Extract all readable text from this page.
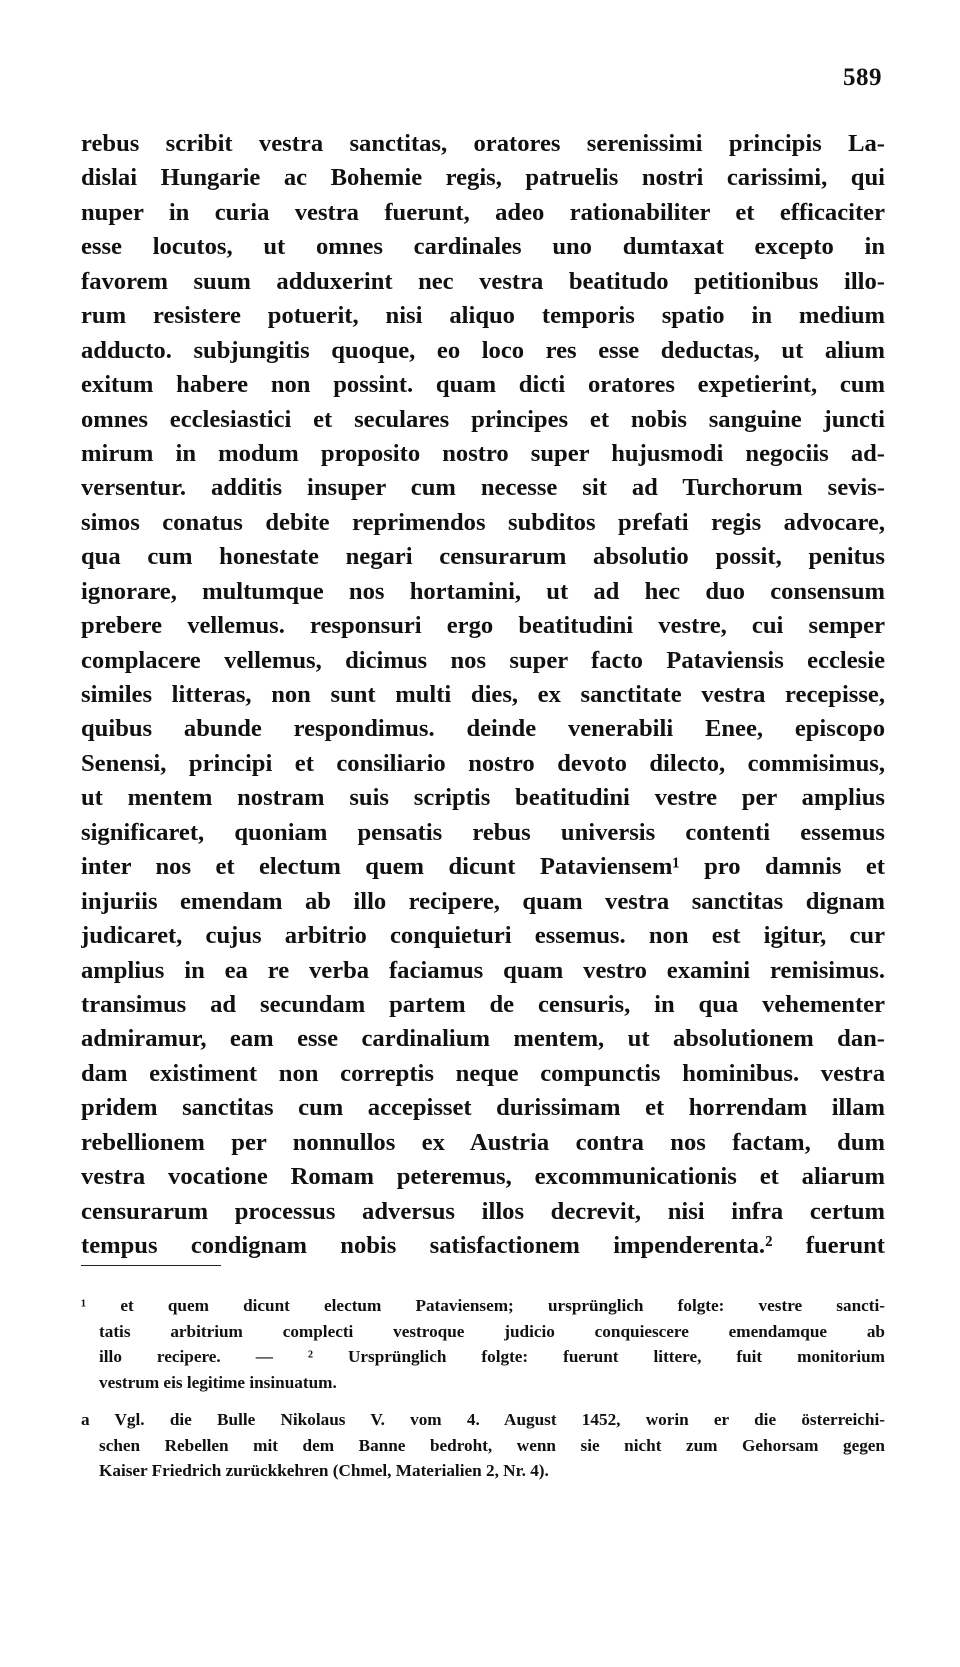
589
rebus scribit vestra sanctitas, oratores serenissimi principis La-
dislai Hungarie ac Bohemie regis, patruelis nostri carissimi, qui
nuper in curia vestra fuerunt, adeo rationabiliter et efficaciter
esse locutos, ut omnes cardinales uno dumtaxat excepto in
favorem suum adduxerint nec vestra beatitudo petitionibus illo-
rum resistere potuerit, nisi aliquo temporis spatio in medium
adducto. subjungitis quoque, eo loco res esse deductas, ut alium
exitum habere non possint. quam dicti oratores expetierint, cum
omnes ecclesiastici et seculares principes et nobis sanguine juncti
mirum in modum proposito nostro super hujusmodi negociis ad-
versentur. additis insuper cum necesse sit ad Turchorum sevis-
simos conatus debite reprimendos subditos prefati regis advocare,
qua cum honestate negari censurarum absolutio possit, penitus
ignorare, multumque nos hortamini, ut ad hec duo consensum
prebere vellemus. responsuri ergo beatitudini vestre, cui semper
complacere vellemus, dicimus nos super facto Pataviensis ecclesie
similes litteras, non sunt multi dies, ex sanctitate vestra recepisse,
quibus abunde respondimus. deinde venerabili Enee, episcopo
Senensi, principi et consiliario nostro devoto dilecto, commisimus,
ut mentem nostram suis scriptis beatitudini vestre per amplius
significaret, quoniam pensatis rebus universis contenti essemus
inter nos et electum quem dicunt Pataviensem¹ pro damnis et
injuriis emendam ab illo recipere, quam vestra sanctitas dignam
judicaret, cujus arbitrio conquieturi essemus. non est igitur, cur
amplius in ea re verba faciamus quam vestro examini remisimus.
transimus ad secundam partem de censuris, in qua vehementer
admiramur, eam esse cardinalium mentem, ut absolutionem dan-
dam existiment non correptis neque compunctis hominibus. vestra
pridem sanctitas cum accepisset durissimam et horrendam illam
rebellionem per nonnullos ex Austria contra nos factam, dum
vestra vocatione Romam peteremus, excommunicationis et aliarum
censurarum processus adversus illos decrevit, nisi infra certum
tempus condignam nobis satisfactionem impenderenta.² fuerunt
¹ et quem dicunt electum Pataviensem; ursprünglich folgte: vestre sancti-
tatis arbitrium complecti vestroque judicio conquiescere emendamque ab
illo recipere. — ² Ursprünglich folgte: fuerunt littere, fuit monitorium
vestrum eis legitime insinuatum.
a Vgl. die Bulle Nikolaus V. vom 4. August 1452, worin er die österreichi-
schen Rebellen mit dem Banne bedroht, wenn sie nicht zum Gehorsam gegen
Kaiser Friedrich zurückkehren (Chmel, Materialien 2, Nr. 4).
